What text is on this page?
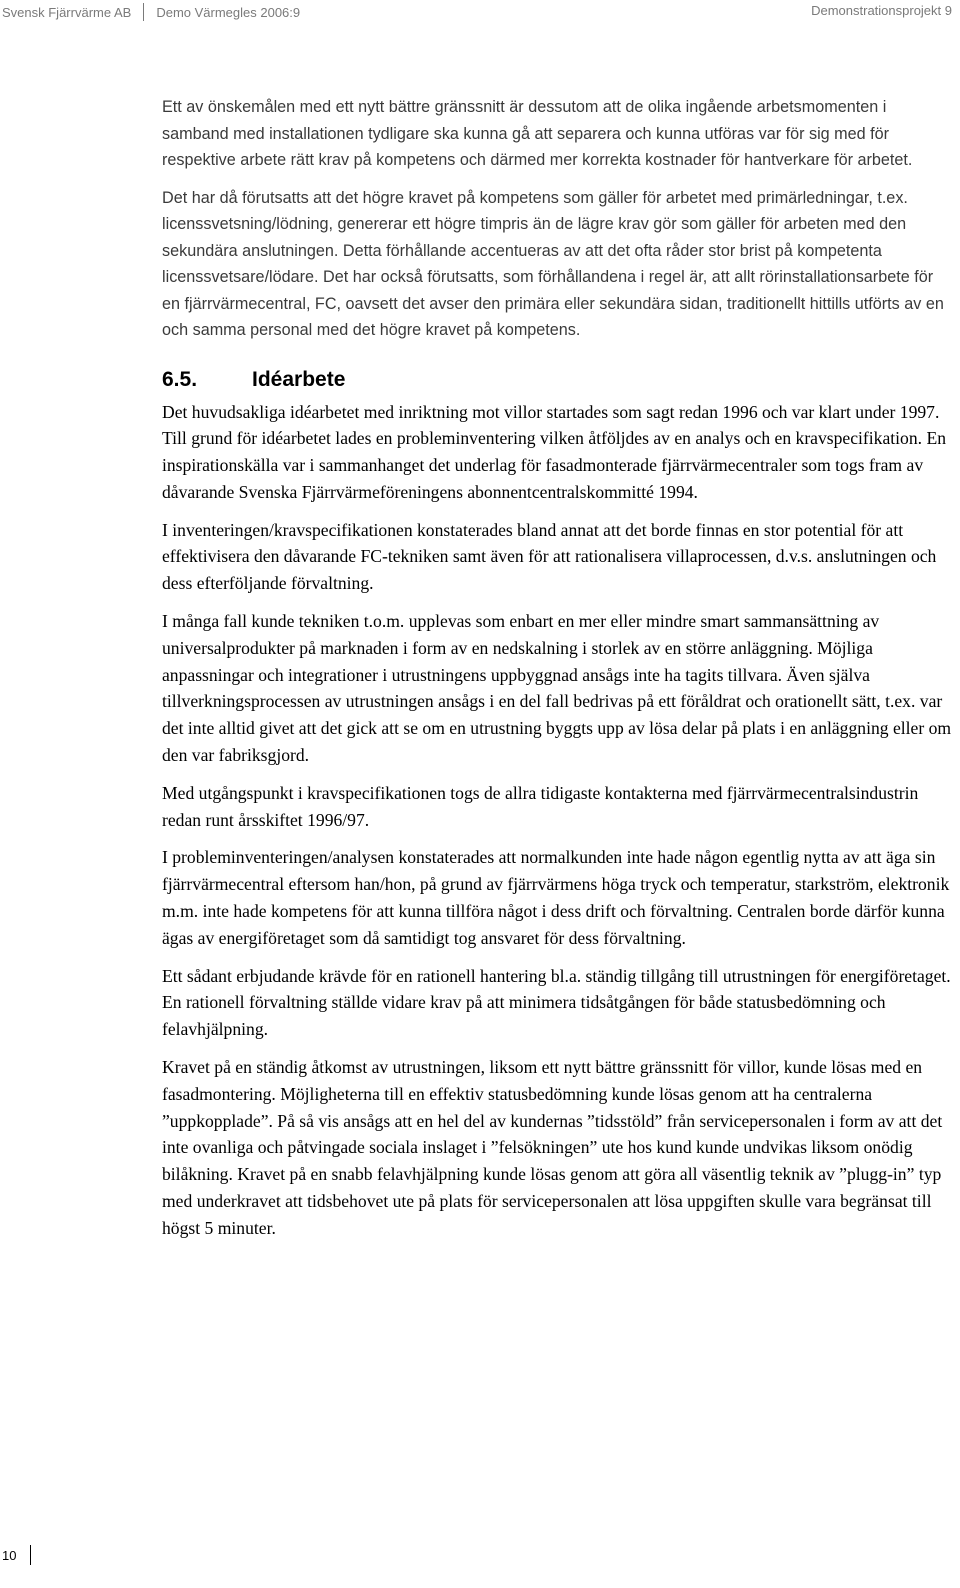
Svensk Fjärrvärme AB Demo Värmegles 2006:9	Demonstrationsprojekt 9

Ett av önskemålen med ett nytt bättre gränssnitt är dessutom att de olika ingående arbetsmomenten i samband med installationen tydligare ska kunna gå att separera och kunna utföras var för sig med för respektive arbete rätt krav på kompetens och därmed mer korrekta kostnader för hantverkare för arbetet.

Det har då förutsatts att det högre kravet på kompetens som gäller för arbetet med primärledningar, t.ex. licenssvetsning/lödning, genererar ett högre timpris än de lägre krav gör som gäller för arbeten med den sekundära anslutningen. Detta förhållande accentueras av att det ofta råder stor brist på kompetenta licenssvetsare/lödare. Det har också förutsatts, som förhållandena i regel är, att allt rörinstallationsarbete för en fjärrvärmecentral, FC, oavsett det avser den primära eller sekundära sidan, traditionellt hittills utförts av en och samma personal med det högre kravet på kompetens.

6.5.	Idéarbete

Det huvudsakliga idéarbetet med inriktning mot villor startades som sagt redan 1996 och var klart under 1997. Till grund för idéarbetet lades en probleminventering vilken åtföljdes av en analys och en kravspecifikation. En inspirationskälla var i sammanhanget det underlag för fasadmonterade fjärrvärmecentraler som togs fram av dåvarande Svenska Fjärrvärmeföreningens abonnentcentralskommitté 1994.

I inventeringen/kravspecifikationen konstaterades bland annat att det borde finnas en stor potential för att effektivisera den dåvarande FC-tekniken samt även för att rationalisera villaprocessen, d.v.s. anslutningen och dess efterföljande förvaltning.

I många fall kunde tekniken t.o.m. upplevas som enbart en mer eller mindre smart sammansättning av universalprodukter på marknaden i form av en nedskalning i storlek av en större anläggning. Möjliga anpassningar och integrationer i utrustningens uppbyggnad ansågs inte ha tagits tillvara. Även själva tillverkningsprocessen av utrustningen ansågs i en del fall bedrivas på ett föråldrat och orationellt sätt, t.ex. var det inte alltid givet att det gick att se om en utrustning byggts upp av lösa delar på plats i en anläggning eller om den var fabriksgjord.

Med utgångspunkt i kravspecifikationen togs de allra tidigaste kontakterna med fjärrvärmecentralsindustrin redan runt årsskiftet 1996/97.

I probleminventeringen/analysen konstaterades att normalkunden inte hade någon egentlig nytta av att äga sin fjärrvärmecentral eftersom han/hon, på grund av fjärrvärmens höga tryck och temperatur, starkström, elektronik m.m. inte hade kompetens för att kunna tillföra något i dess drift och förvaltning. Centralen borde därför kunna ägas av energiföretaget som då samtidigt tog ansvaret för dess förvaltning.

Ett sådant erbjudande krävde för en rationell hantering bl.a. ständig tillgång till utrustningen för energiföretaget. En rationell förvaltning ställde vidare krav på att minimera tidsåtgången för både statusbedömning och felavhjälpning.

Kravet på en ständig åtkomst av utrustningen, liksom ett nytt bättre gränssnitt för villor, kunde lösas med en fasadmontering. Möjligheterna till en effektiv statusbedömning kunde lösas genom att ha centralerna ”uppkopplade”. På så vis ansågs att en hel del av kundernas ”tidsstöld” från servicepersonalen i form av att det inte ovanliga och påtvingade sociala inslaget i ”felsökningen” ute hos kund kunde undvikas liksom onödig bilåkning. Kravet på en snabb felavhjälpning kunde lösas genom att göra all väsentlig teknik av ”plugg-in” typ med underkravet att tidsbehovet ute på plats för servicepersonalen att lösa uppgiften skulle vara begränsat till högst 5 minuter.

10
